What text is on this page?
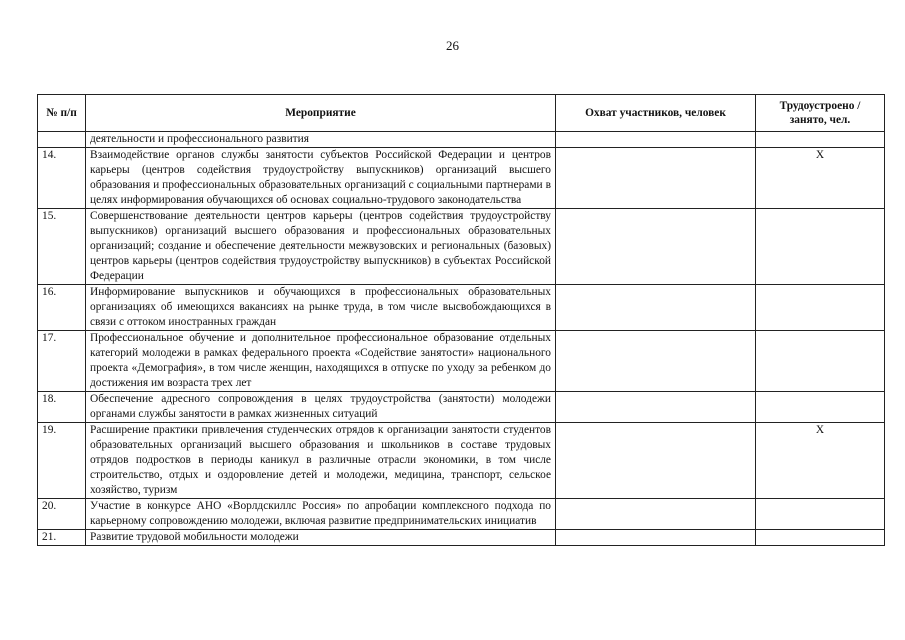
26
№ п/п	Мероприятие	Охват участников, человек	Трудоустроено / занято, чел.
	деятельности и профессионального развития		
14.	Взаимодействие органов службы занятости субъектов Российской Федерации и центров карьеры (центров содействия трудоустройству выпускников) организаций высшего образования и профессиональных образовательных организаций с социальными партнерами в целях информирования обучающихся об основах социально-трудового законодательства		X
15.	Совершенствование деятельности центров карьеры (центров содействия трудоустройству выпускников) организаций высшего образования и профессиональных образовательных организаций; создание и обеспечение деятельности межвузовских и региональных (базовых) центров карьеры (центров содействия трудоустройству выпускников) в субъектах Российской Федерации		
16.	Информирование выпускников и обучающихся в профессиональных образовательных организациях об имеющихся вакансиях на рынке труда, в том числе высвобождающихся в связи с оттоком иностранных граждан		
17.	Профессиональное обучение и дополнительное профессиональное образование отдельных категорий молодежи в рамках федерального проекта «Содействие занятости» национального проекта «Демография», в том числе женщин, находящихся в отпуске по уходу за ребенком до достижения им возраста трех лет		
18.	Обеспечение адресного сопровождения в целях трудоустройства (занятости) молодежи органами службы занятости в рамках жизненных ситуаций		
19.	Расширение практики привлечения студенческих отрядов к организации занятости студентов образовательных организаций высшего образования и школьников в составе трудовых отрядов подростков в периоды каникул в различные отрасли экономики, в том числе строительство, отдых и оздоровление детей и молодежи, медицина, транспорт, сельское хозяйство, туризм		X
20.	Участие в конкурсе АНО «Ворлдскиллс Россия» по апробации комплексного подхода по карьерному сопровождению молодежи, включая развитие предпринимательских инициатив		
21.	Развитие трудовой мобильности молодежи		
